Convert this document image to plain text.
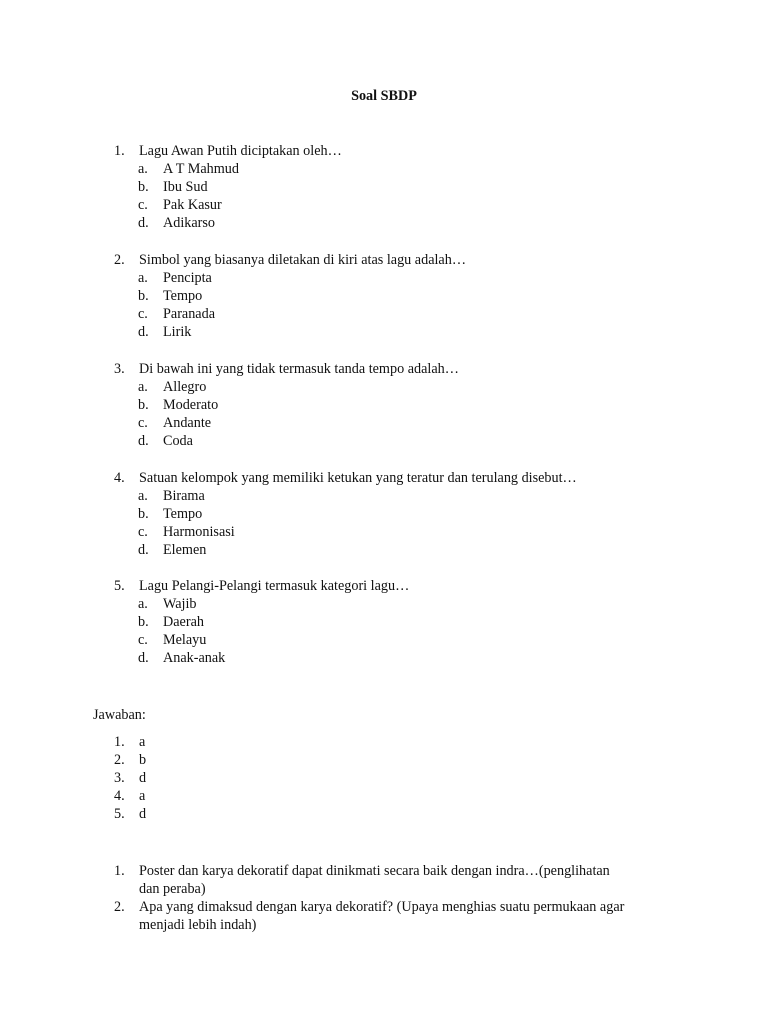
Soal SBDP
1.	Lagu Awan Putih diciptakan oleh…
a.	A T Mahmud
b.	Ibu Sud
c.	Pak Kasur
d.	Adikarso
2.	Simbol yang biasanya diletakan di kiri atas lagu adalah…
a.	Pencipta
b.	Tempo
c.	Paranada
d.	Lirik
3.	Di bawah ini yang tidak termasuk tanda tempo adalah…
a.	Allegro
b.	Moderato
c.	Andante
d.	Coda
4.	Satuan kelompok yang memiliki ketukan yang teratur dan terulang disebut…
a.	Birama
b.	Tempo
c.	Harmonisasi
d.	Elemen
5.	Lagu Pelangi-Pelangi termasuk kategori lagu…
a.	Wajib
b.	Daerah
c.	Melayu
d.	Anak-anak
Jawaban:
1.	a
2.	b
3.	d
4.	a
5.	d
1.	Poster dan karya dekoratif dapat dinikmati secara baik dengan indra…(penglihatan
dan peraba)
2.	Apa yang dimaksud dengan karya dekoratif? (Upaya menghias suatu permukaan agar
menjadi lebih indah)
